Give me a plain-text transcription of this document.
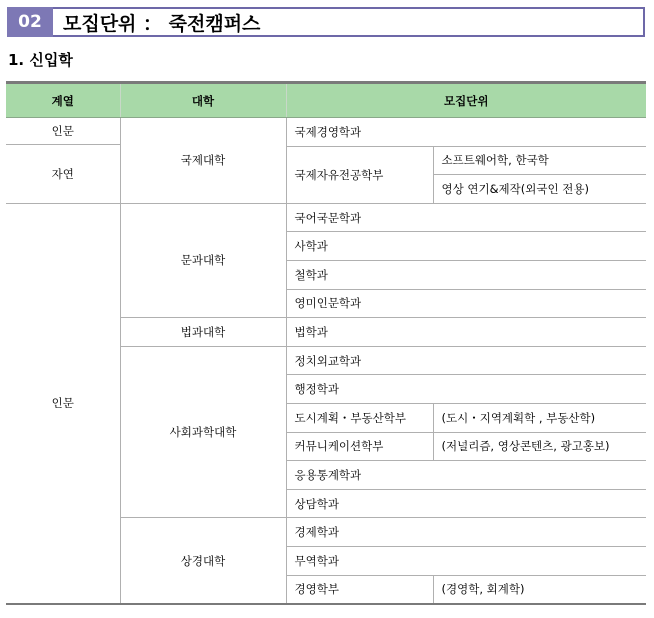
02	모집단위 ： 죽전캠퍼스
1. 신입학
계열	대학	모집단위	
인문	국제대학	국제경영학과	
자연			
		국제자유전공학부	소프트웨어학, 한국학
			영상 연기&제작(외국인 전용)
인문	문과대학	국어국문학과	
		사학과	
		철학과	
		영미인문학과	
	법과대학	법학과	
	사회과학대학	정치외교학과	
		행정학과	
		도시계획・부동산학부	(도시・지역계획학 , 부동산학)
		커뮤니케이션학부	(저널리즘, 영상콘텐츠, 광고홍보)
		응용통계학과	
		상담학과	
	상경대학	경제학과	
		무역학과	
		경영학부	(경영학, 회계학)
